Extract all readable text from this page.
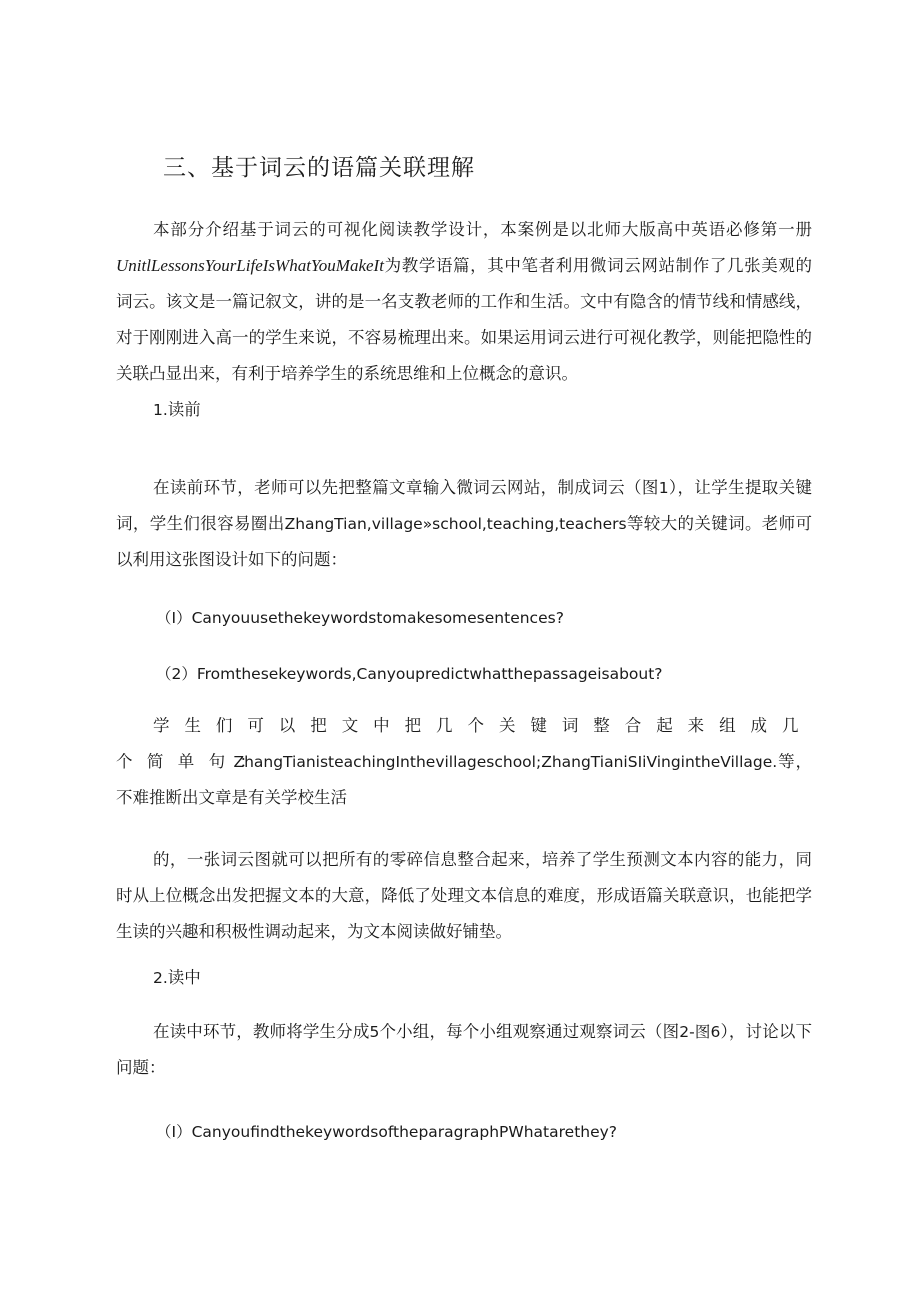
三、基于词云的语篇关联理解
本部分介绍基于词云的可视化阅读教学设计，本案例是以北师大版高中英语必修第一册UnitlLessonsYourLifeIsWhatYouMakeIt为教学语篇，其中笔者利用微词云网站制作了几张美观的词云。该文是一篇记叙文，讲的是一名支教老师的工作和生活。文中有隐含的情节线和情感线，对于刚刚进入高一的学生来说，不容易梳理出来。如果运用词云进行可视化教学，则能把隐性的关联凸显出来，有利于培养学生的系统思维和上位概念的意识。
1.读前
在读前环节，老师可以先把整篇文章输入微词云网站，制成词云（图1），让学生提取关键词，学生们很容易圈出ZhangTian,village»school,teaching,teachers等较大的关键词。老师可以利用这张图设计如下的问题：
（I）Canyouusethekeywordstomakesomesentences?
（2）Fromthesekeywords,Canyoupredictwhatthepassageisabout?
学生们可以把文中把几个关键词整合起来组成几个简单句：ZhangTianisteachingInthevillageschool;ZhangTianiSIiVingintheVillage.等，不难推断出文章是有关学校生活
的，一张词云图就可以把所有的零碎信息整合起来，培养了学生预测文本内容的能力，同时从上位概念出发把握文本的大意，降低了处理文本信息的难度，形成语篇关联意识，也能把学生读的兴趣和积极性调动起来，为文本阅读做好铺垫。
2.读中
在读中环节，教师将学生分成5个小组，每个小组观察通过观察词云（图2-图6），讨论以下问题：
（I）CanyoufindthekeywordsoftheparagraphPWhatarethey?
